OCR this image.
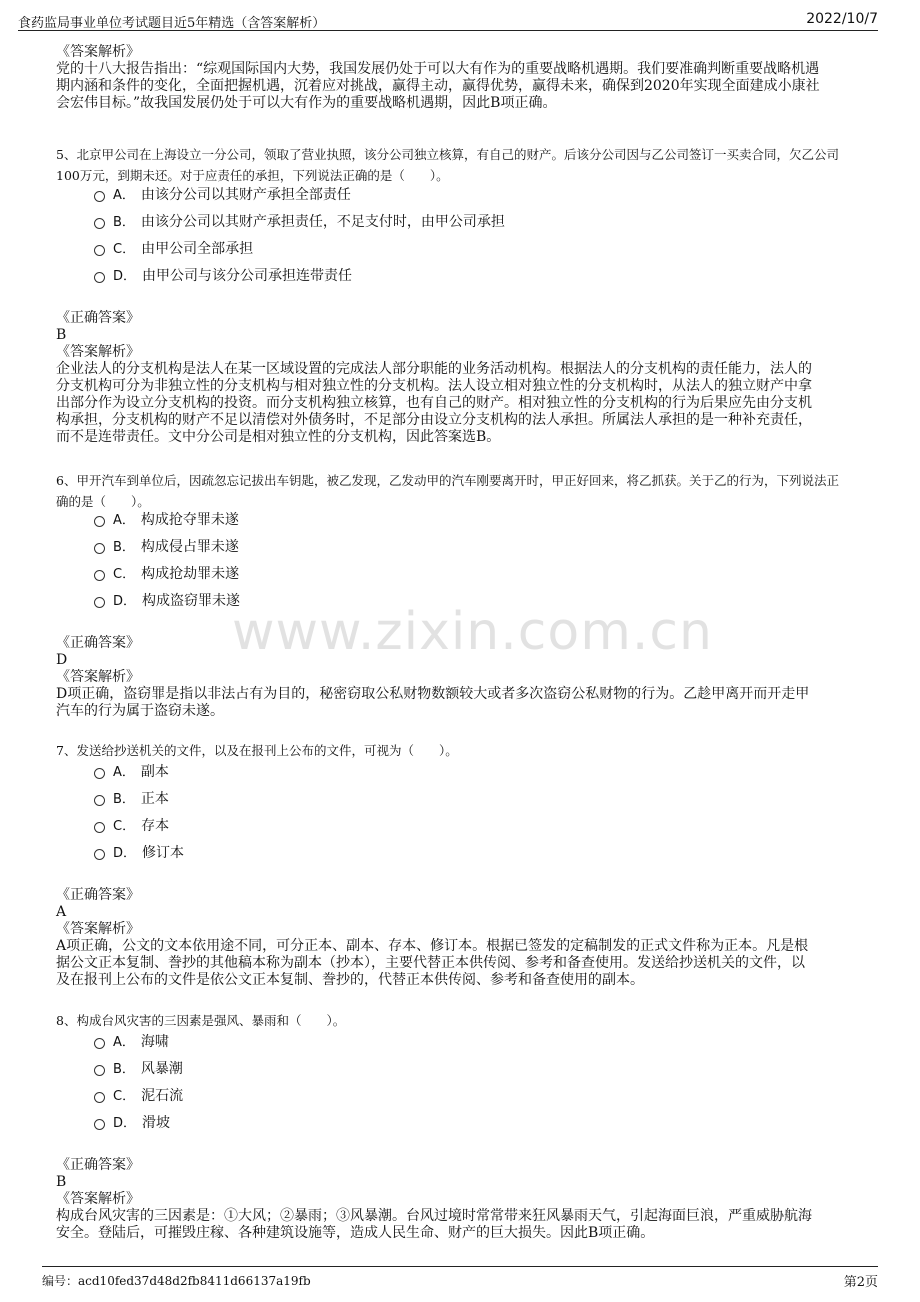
食药监局事业单位考试题目近5年精选（含答案解析）	2022/10/7
www.zixin.com.cn
《答案解析》
党的十八大报告指出：“综观国际国内大势，我国发展仍处于可以大有作为的重要战略机遇期。我们要准确判断重要战略机遇
期内涵和条件的变化，全面把握机遇，沉着应对挑战，赢得主动，赢得优势，赢得未来，确保到2020年实现全面建成小康社
会宏伟目标。”故我国发展仍处于可以大有作为的重要战略机遇期，因此B项正确。
5、北京甲公司在上海设立一分公司，领取了营业执照，该分公司独立核算，有自己的财产。后该分公司因与乙公司签订一买卖合同，欠乙公司
100万元，到期未还。对于应责任的承担，下列说法正确的是（　　）。
A． 由该分公司以其财产承担全部责任
B． 由该分公司以其财产承担责任，不足支付时，由甲公司承担
C． 由甲公司全部承担
D． 由甲公司与该分公司承担连带责任
《正确答案》
B
《答案解析》
企业法人的分支机构是法人在某一区域设置的完成法人部分职能的业务活动机构。根据法人的分支机构的责任能力，法人的
分支机构可分为非独立性的分支机构与相对独立性的分支机构。法人设立相对独立性的分支机构时，从法人的独立财产中拿
出部分作为设立分支机构的投资。而分支机构独立核算，也有自己的财产。相对独立性的分支机构的行为后果应先由分支机
构承担，分支机构的财产不足以清偿对外债务时，不足部分由设立分支机构的法人承担。所属法人承担的是一种补充责任，
而不是连带责任。文中分公司是相对独立性的分支机构，因此答案选B。
6、甲开汽车到单位后，因疏忽忘记拔出车钥匙，被乙发现，乙发动甲的汽车刚要离开时，甲正好回来，将乙抓获。关于乙的行为，下列说法正
确的是（　　）。
A． 构成抢夺罪未遂
B． 构成侵占罪未遂
C． 构成抢劫罪未遂
D． 构成盗窃罪未遂
《正确答案》
D
《答案解析》
D项正确，盗窃罪是指以非法占有为目的，秘密窃取公私财物数额较大或者多次盗窃公私财物的行为。乙趁甲离开而开走甲
汽车的行为属于盗窃未遂。
7、发送给抄送机关的文件，以及在报刊上公布的文件，可视为（　　）。
A． 副本
B． 正本
C． 存本
D． 修订本
《正确答案》
A
《答案解析》
A项正确，公文的文本依用途不同，可分正本、副本、存本、修订本。根据已签发的定稿制发的正式文件称为正本。凡是根
据公文正本复制、誊抄的其他稿本称为副本（抄本），主要代替正本供传阅、参考和备查使用。发送给抄送机关的文件，以
及在报刊上公布的文件是依公文正本复制、誊抄的，代替正本供传阅、参考和备查使用的副本。
8、构成台风灾害的三因素是强风、暴雨和（　　）。
A． 海啸
B． 风暴潮
C． 泥石流
D． 滑坡
《正确答案》
B
《答案解析》
构成台风灾害的三因素是：①大风；②暴雨；③风暴潮。台风过境时常常带来狂风暴雨天气，引起海面巨浪，严重威胁航海
安全。登陆后，可摧毁庄稼、各种建筑设施等，造成人民生命、财产的巨大损失。因此B项正确。
编号：acd10fed37d48d2fb8411d66137a19fb	第2页
